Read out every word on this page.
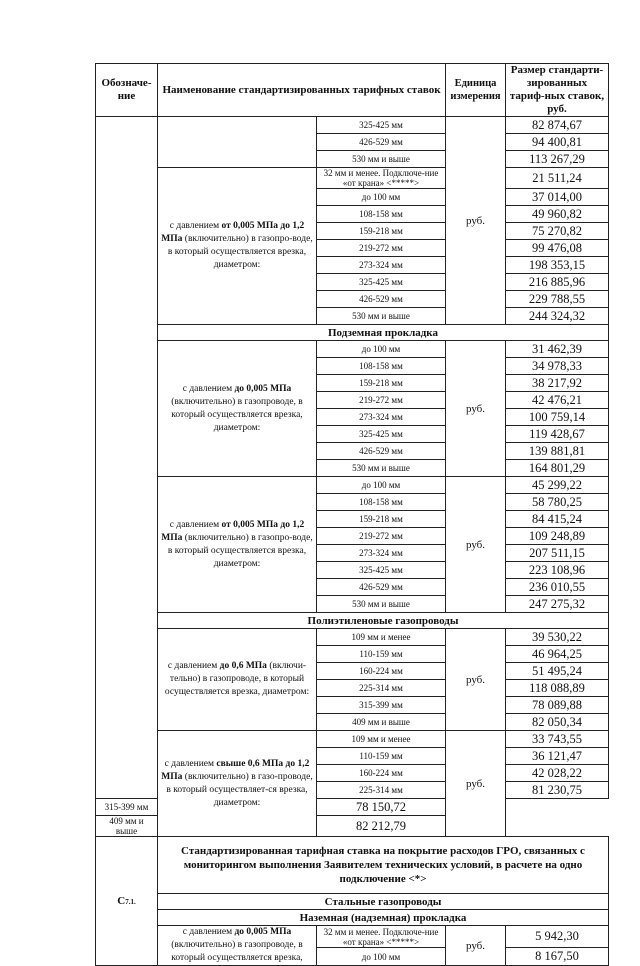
Обозначе-ние	Наименование стандартизированных тарифных ставок		Единица измерения	Размер стандарти-зированных тариф-ных ставок, руб.
		325-425 мм	руб.	82 874,67
		426-529 мм		94 400,81
		530 мм и выше		113 267,29
	с давлением от 0,005 МПа до 1,2 МПа (включительно) в газопро-воде, в который осуществляется врезка, диаметром:	32 мм и менее. Подключе-ние «от крана» <*****>		21 511,24
		до 100 мм		37 014,00
		108-158 мм		49 960,82
		159-218 мм		75 270,82
		219-272 мм		99 476,08
		273-324 мм		198 353,15
		325-425 мм		216 885,96
		426-529 мм		229 788,55
		530 мм и выше		244 324,32
	Подземная прокладка			
	с давлением до 0,005 МПа (включительно) в газопроводе, в который осуществляется врезка, диаметром:	до 100 мм	руб.	31 462,39
		108-158 мм		34 978,33
		159-218 мм		38 217,92
		219-272 мм		42 476,21
		273-324 мм		100 759,14
		325-425 мм		119 428,67
		426-529 мм		139 881,81
		530 мм и выше		164 801,29
	с давлением от 0,005 МПа до 1,2 МПа (включительно) в газопро-воде, в который осуществляется врезка, диаметром:	до 100 мм	руб.	45 299,22
		108-158 мм		58 780,25
		159-218 мм		84 415,24
		219-272 мм		109 248,89
		273-324 мм		207 511,15
		325-425 мм		223 108,96
		426-529 мм		236 010,55
		530 мм и выше		247 275,32
	Полиэтиленовые газопроводы			
	с давлением до 0,6 МПа (включи-тельно) в газопроводе, в который осуществляется врезка, диаметром:	109 мм и менее	руб.	39 530,22
		110-159 мм		46 964,25
		160-224 мм		51 495,24
		225-314 мм		118 088,89
		315-399 мм		78 089,88
		409 мм и выше		82 050,34
	с давлением свыше 0,6 МПа до 1,2 МПа (включительно) в газо-проводе, в который осуществляет-ся врезка, диаметром:	109 мм и менее	руб.	33 743,55
		110-159 мм		36 121,47
		160-224 мм		42 028,22
		225-314 мм		81 230,75
315-399 мм		78 150,72		
409 мм и выше		82 212,79		
С7.1.	Стандартизированная тарифная ставка на покрытие расходов ГРО, связанных с мониторингом выполнения Заявителем технических условий, в расчете на одно подключение <*>			
	Стальные газопроводы			
	Наземная (надземная) прокладка			
	с давлением до 0,005 МПа (включительно) в газопроводе, в который осуществляется врезка,	32 мм и менее. Подключе-ние «от крана» <*****>	руб.	5 942,30
		до 100 мм		8 167,50
